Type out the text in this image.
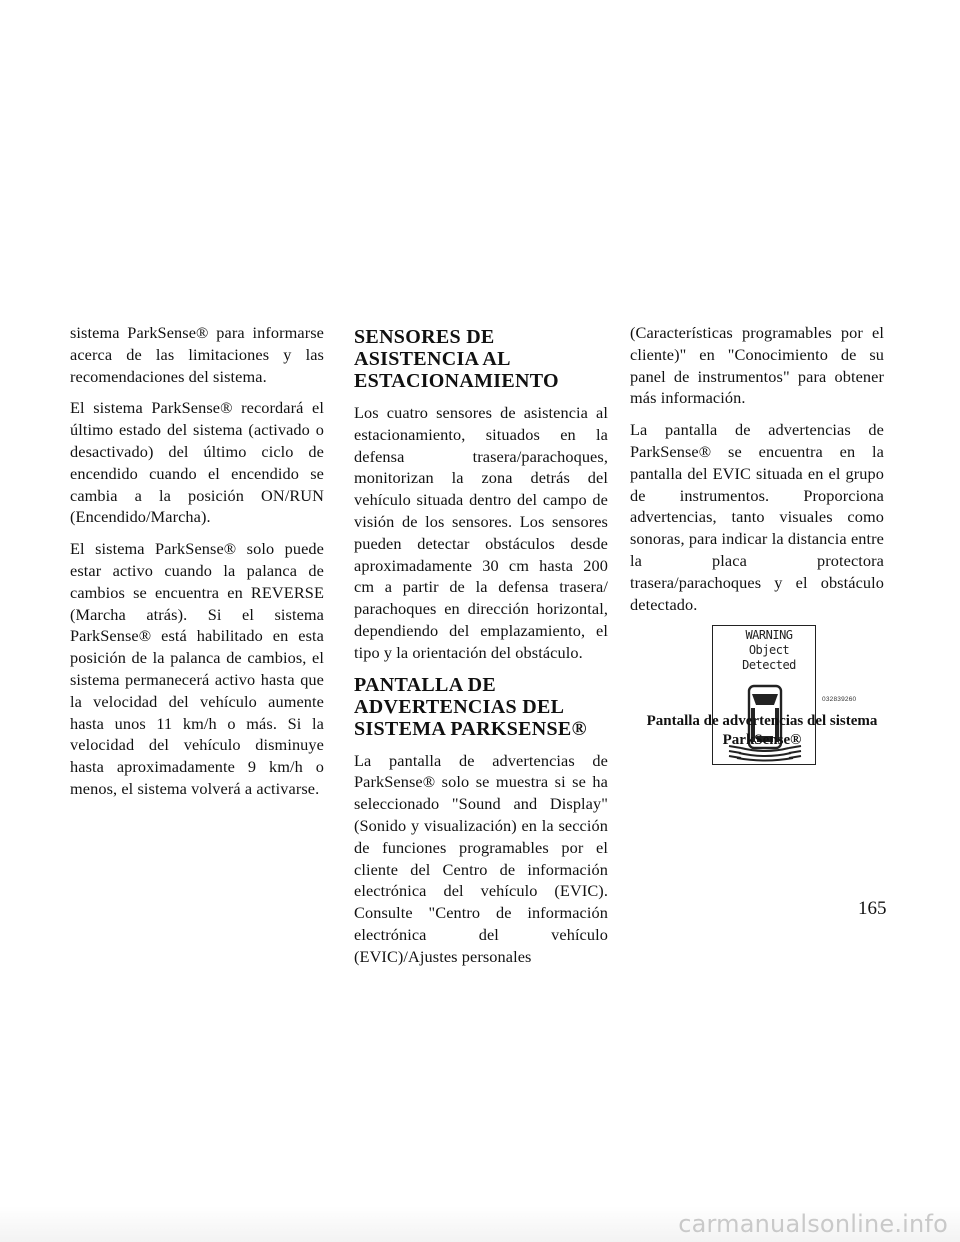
sistema ParkSense® para informarse acerca de las limitaciones y las recomendaciones del sistema.

El sistema ParkSense® recordará el último estado del sistema (activado o desactivado) del último ciclo de encendido cuando el encendido se cambia a la posición ON/RUN (Encendido/Marcha).

El sistema ParkSense® solo puede estar activo cuando la palanca de cambios se encuentra en REVERSE (Marcha atrás). Si el sistema ParkSense® está habilitado en esta posición de la palanca de cambios, el sistema permanecerá activo hasta que la velocidad del vehículo aumente hasta unos 11 km/h o más. Si la velocidad del vehículo disminuye hasta aproximadamente 9 km/h o menos, el sistema volverá a activarse.

SENSORES DE ASISTENCIA AL ESTACIONAMIENTO

Los cuatro sensores de asistencia al estacionamiento, situados en la defensa trasera/parachoques, monitorizan la zona detrás del vehículo situada dentro del campo de visión de los sensores. Los sensores pueden detectar obstáculos desde aproximadamente 30 cm hasta 200 cm a partir de la defensa trasera/ parachoques en dirección horizontal, dependiendo del emplazamiento, el tipo y la orientación del obstáculo.

PANTALLA DE ADVERTENCIAS DEL SISTEMA PARKSENSE®

La pantalla de advertencias de ParkSense® solo se muestra si se ha seleccionado "Sound and Display" (Sonido y visualización) en la sección de funciones programables por el cliente del Centro de información electrónica del vehículo (EVIC). Consulte "Centro de información electrónica del vehículo (EVIC)/Ajustes personales

(Características programables por el cliente)" en "Conocimiento de su panel de instrumentos" para obtener más información.

La pantalla de advertencias de ParkSense® se encuentra en la pantalla del EVIC situada en el grupo de instrumentos. Proporciona advertencias, tanto visuales como sonoras, para indicar la distancia entre la placa protectora trasera/parachoques y el obstáculo detectado.

WARNING
Object
Detected
032839260
Pantalla de advertencias del sistema ParkSense®
165
carmanualsonline.info
